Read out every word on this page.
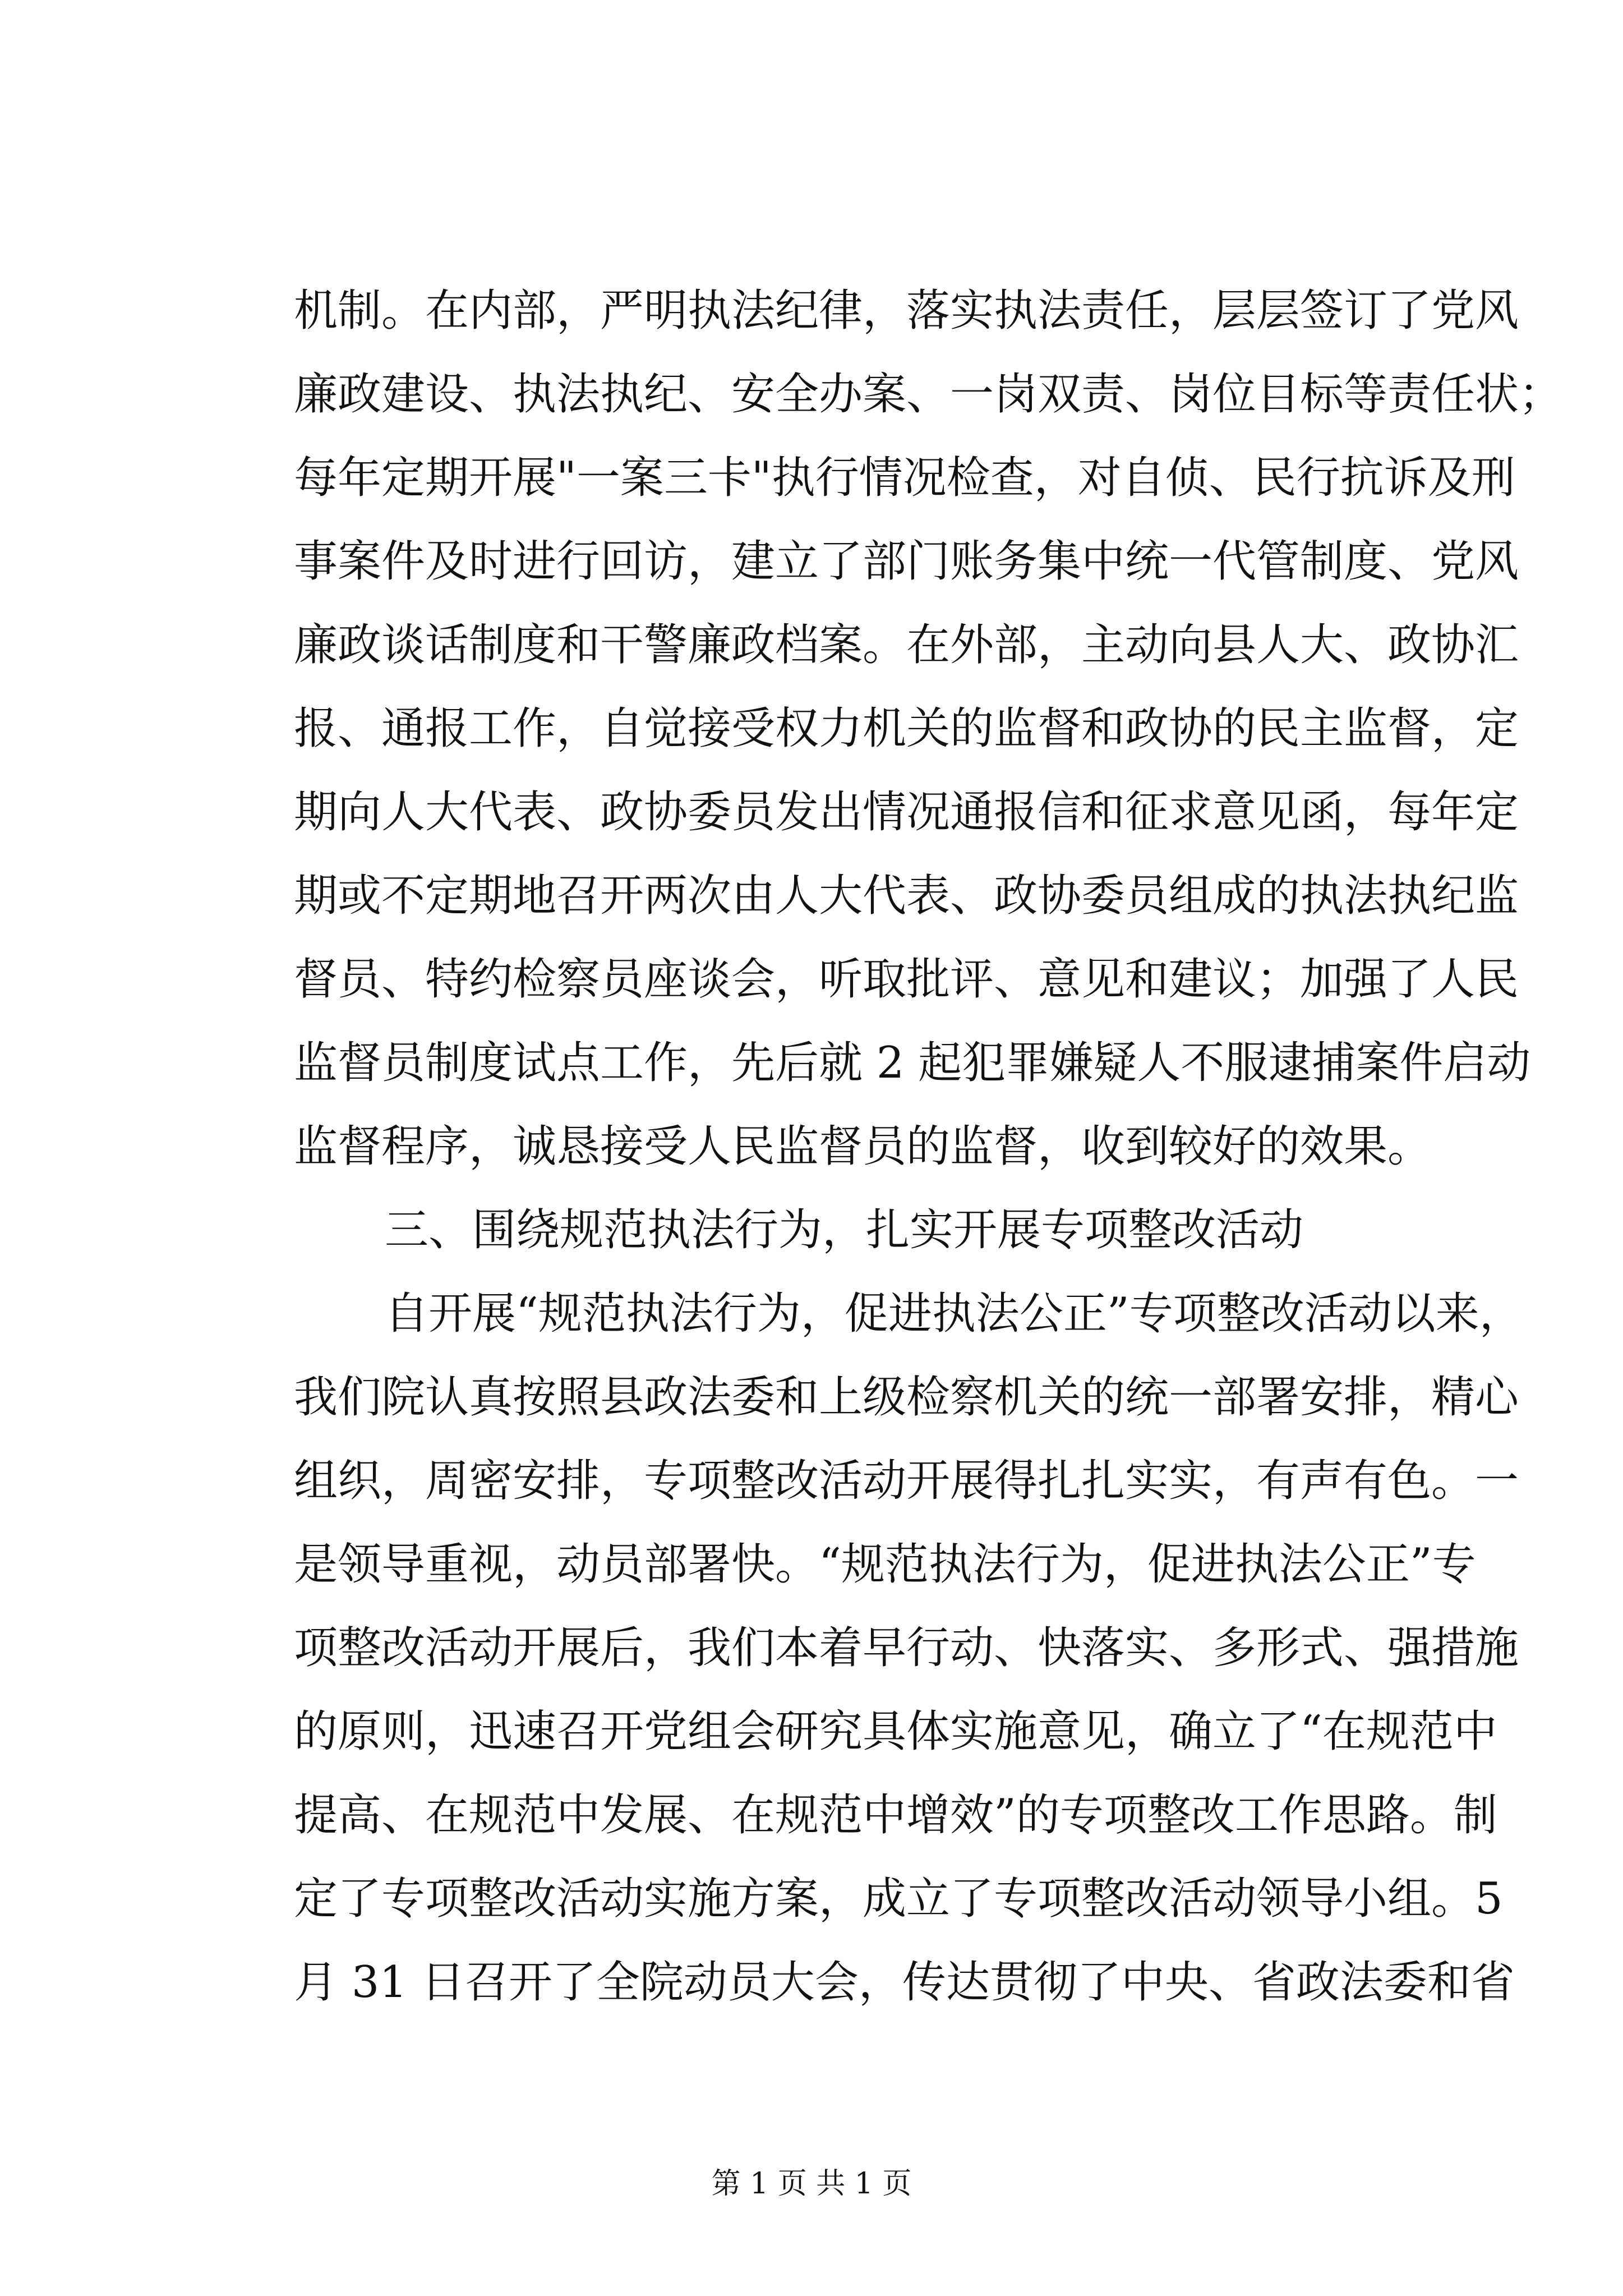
机制。在内部，严明执法纪律，落实执法责任，层层签订了党风
廉政建设、执法执纪、安全办案、一岗双责、岗位目标等责任状；
每年定期开展"一案三卡"执行情况检查，对自侦、民行抗诉及刑
事案件及时进行回访，建立了部门账务集中统一代管制度、党风
廉政谈话制度和干警廉政档案。在外部，主动向县人大、政协汇
报、通报工作，自觉接受权力机关的监督和政协的民主监督，定
期向人大代表、政协委员发出情况通报信和征求意见函，每年定
期或不定期地召开两次由人大代表、政协委员组成的执法执纪监
督员、特约检察员座谈会，听取批评、意见和建议；加强了人民
监督员制度试点工作，先后就 2 起犯罪嫌疑人不服逮捕案件启动
监督程序，诚恳接受人民监督员的监督，收到较好的效果。
三、围绕规范执法行为，扎实开展专项整改活动
自开展“规范执法行为，促进执法公正”专项整改活动以来，
我们院认真按照县政法委和上级检察机关的统一部署安排，精心
组织，周密安排，专项整改活动开展得扎扎实实，有声有色。一
是领导重视，动员部署快。“规范执法行为，促进执法公正”专
项整改活动开展后，我们本着早行动、快落实、多形式、强措施
的原则，迅速召开党组会研究具体实施意见，确立了“在规范中
提高、在规范中发展、在规范中增效”的专项整改工作思路。制
定了专项整改活动实施方案，成立了专项整改活动领导小组。5
月 31 日召开了全院动员大会，传达贯彻了中央、省政法委和省
第 1 页 共 1 页
